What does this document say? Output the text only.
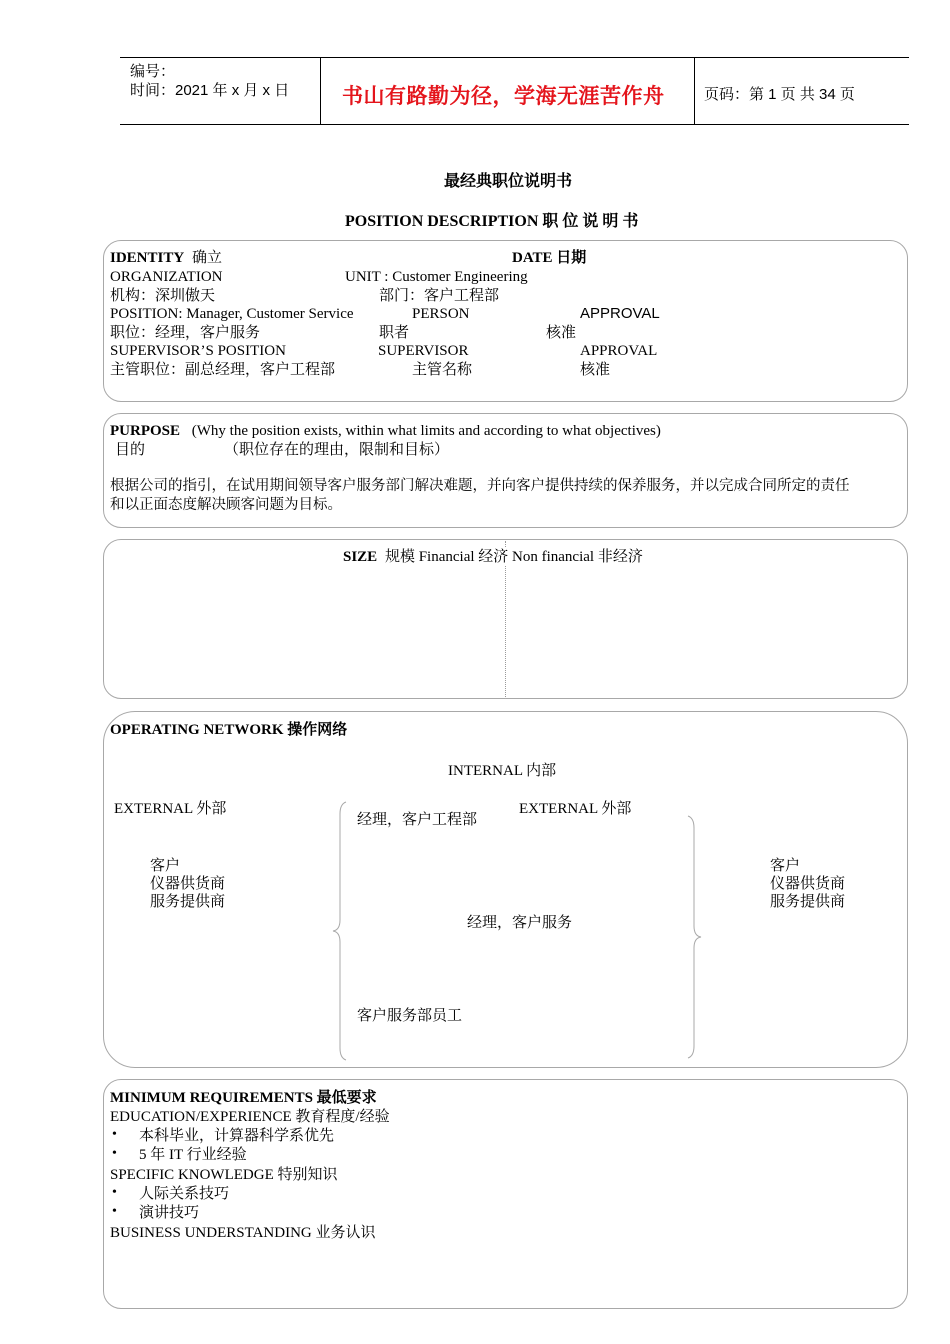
编号：
时间：2021 年 x 月 x 日	书山有路勤为径，学海无涯苦作舟	页码：第 1 页 共 34 页
最经典职位说明书
POSITION DESCRIPTION 职 位 说 明 书
IDENTITY 确立	DATE 日期
ORGANIZATION	UNIT : Customer Engineering
机构：深圳傲天	部门：客户工程部
POSITION: Manager, Customer Service	PERSON	APPROVAL
职位：经理，客户服务	职者	核准
SUPERVISOR’S POSITION	SUPERVISOR	APPROVAL
主管职位：副总经理，客户工程部	主管名称	核准
PURPOSE (Why the position exists, within what limits and according to what objectives)
目的	（职位存在的理由，限制和目标）
根据公司的指引，在试用期间领导客户服务部门解决难题，并向客户提供持续的保养服务，并以完成合同所定的责任
和以正面态度解决顾客问题为目标。
SIZE 规模 Financial 经济 Non financial 非经济
OPERATING NETWORK 操作网络
INTERNAL 内部
EXTERNAL 外部	EXTERNAL 外部
客户
仪器供货商
服务提供商
客户
仪器供货商
服务提供商
经理，客户工程部
经理，客户服务
客户服务部员工
MINIMUM REQUIREMENTS 最低要求
EDUCATION/EXPERIENCE 教育程度/经验
• 本科毕业，计算器科学系优先
• 5 年 IT 行业经验
SPECIFIC KNOWLEDGE 特别知识
• 人际关系技巧
• 演讲技巧
BUSINESS UNDERSTANDING 业务认识
